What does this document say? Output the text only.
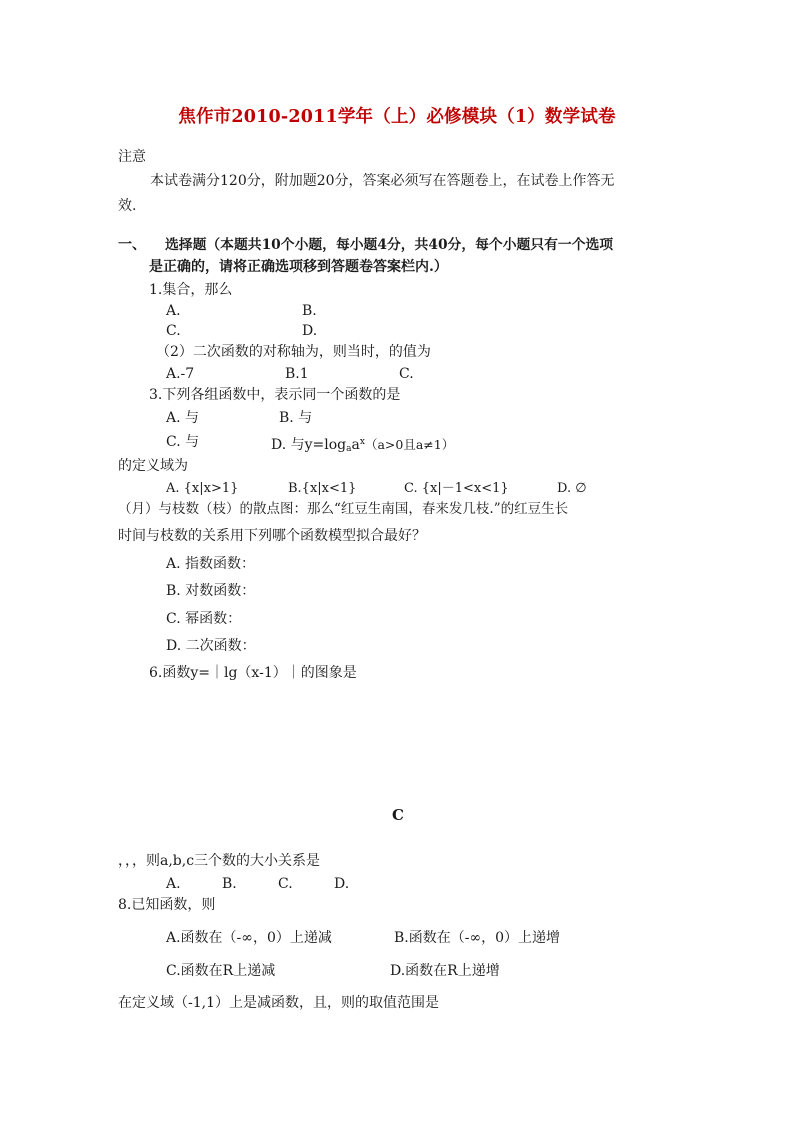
焦作市2010-2011学年（上）必修模块（1）数学试卷
注意
本试卷满分120分，附加题20分，答案必须写在答题卷上，在试卷上作答无
效.
一、 选择题（本题共10个小题，每小题4分，共40分，每个小题只有一个选项
是正确的，请将正确选项移到答题卷答案栏内.）
1.集合，那么
A.	B.
C.	D.
（2）二次函数的对称轴为，则当时，的值为
A.-7	B.1	C.
3.下列各组函数中，表示同一个函数的是
A. 与	B. 与
C. 与	D. 与$y=\log_aa^x(a>0$且a≠1）
的定义域为
A. {x|x>1}	B.{x|x<1}	C. {x|－1<x<1}	D. ∅
（月）与枝数（枝）的散点图：那么“红豆生南国，春来发几枝.”的红豆生长
时间与枝数的关系用下列哪个函数模型拟合最好？
A. 指数函数：
B. 对数函数：
C. 幂函数：
D. 二次函数：
6.函数y=｜lg（x-1）｜的图象是
C
，，，则a,b,c三个数的大小关系是
A.	B.	C.	D.
8.已知函数，则
A.函数在（-∞，0）上递减	B.函数在（-∞，0）上递增
C.函数在R上递减	D.函数在R上递增
在定义域（-1,1）上是减函数，且，则的取值范围是
